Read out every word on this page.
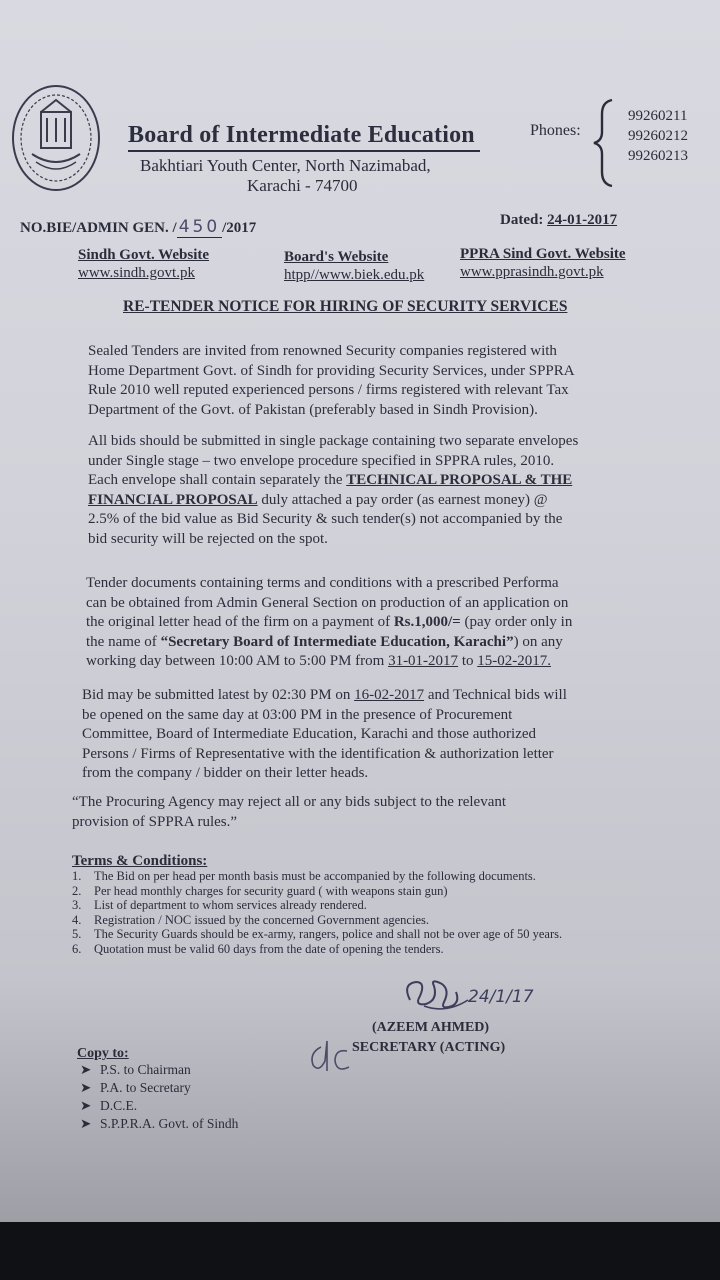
Board of Intermediate Education
Bakhtiari Youth Center, North Nazimabad,
Karachi - 74700
Phones:
99260211
99260212
99260213
NO.BIE/ADMIN GEN. / 450 /2017	Dated: 24-01-2017
Sindh Govt. Website
www.sindh.govt.pk
Board's Website
htpp//www.biek.edu.pk
PPRA Sind Govt. Website
www.pprasindh.govt.pk
RE-TENDER NOTICE FOR HIRING OF SECURITY SERVICES
Sealed Tenders are invited from renowned Security companies registered with
Home Department Govt. of Sindh for providing Security Services, under SPPRA
Rule 2010 well reputed experienced persons / firms registered with relevant Tax
Department of the Govt. of Pakistan (preferably based in Sindh Provision).
All bids should be submitted in single package containing two separate envelopes
under Single stage – two envelope procedure specified in SPPRA rules, 2010.
Each envelope shall contain separately the TECHNICAL PROPOSAL & THE
FINANCIAL PROPOSAL duly attached a pay order (as earnest money) @
2.5% of the bid value as Bid Security & such tender(s) not accompanied by the
bid security will be rejected on the spot.
Tender documents containing terms and conditions with a prescribed Performa
can be obtained from Admin General Section on production of an application on
the original letter head of the firm on a payment of Rs.1,000/= (pay order only in
the name of “Secretary Board of Intermediate Education, Karachi”) on any
working day between 10:00 AM to 5:00 PM from 31-01-2017 to 15-02-2017.
Bid may be submitted latest by 02:30 PM on 16-02-2017 and Technical bids will
be opened on the same day at 03:00 PM in the presence of Procurement
Committee, Board of Intermediate Education, Karachi and those authorized
Persons / Firms of Representative with the identification & authorization letter
from the company / bidder on their letter heads.
“The Procuring Agency may reject all or any bids subject to the relevant
provision of SPPRA rules.”
Terms & Conditions:
1. The Bid on per head per month basis must be accompanied by the following documents.
2. Per head monthly charges for security guard ( with weapons stain gun)
3. List of department to whom services already rendered.
4. Registration / NOC issued by the concerned Government agencies.
5. The Security Guards should be ex-army, rangers, police and shall not be over age of 50 years.
6. Quotation must be valid 60 days from the date of opening the tenders.
24/1/17
(AZEEM AHMED)
SECRETARY (ACTING)
Copy to:
➤ P.S. to Chairman
➤ P.A. to Secretary
➤ D.C.E.
➤ S.P.P.R.A. Govt. of Sindh
